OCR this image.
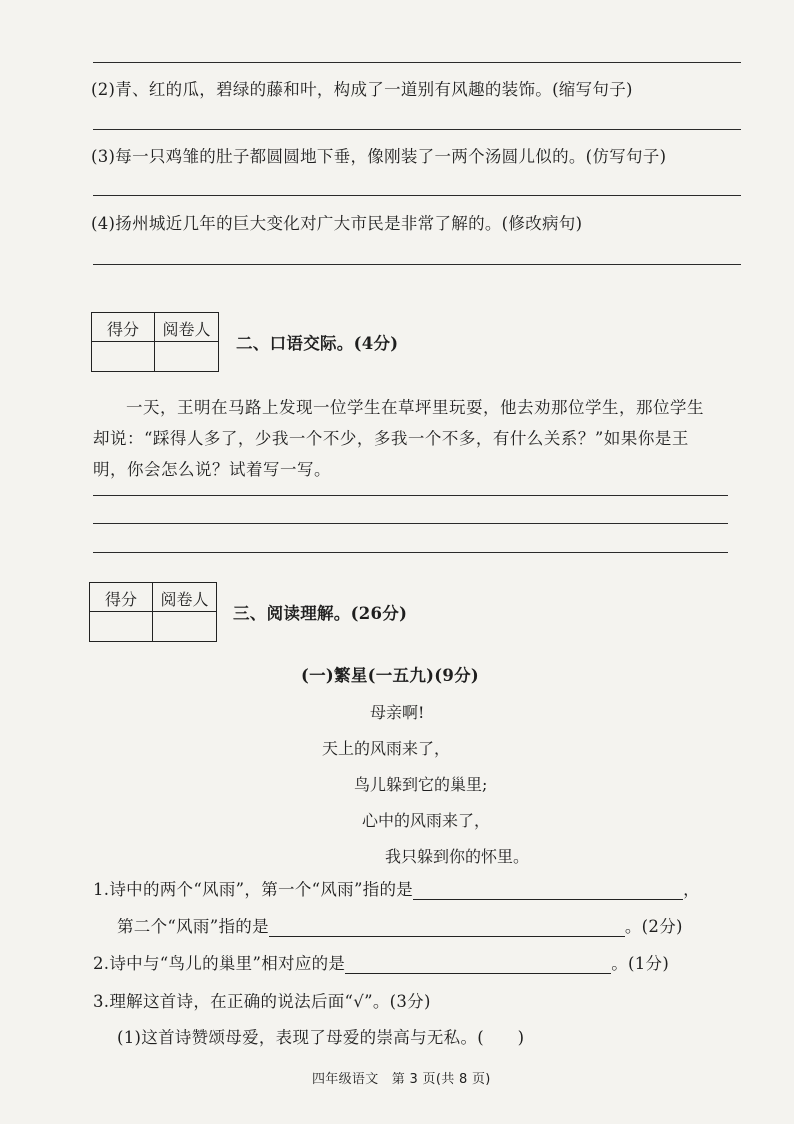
(2)青、红的瓜，碧绿的藤和叶，构成了一道别有风趣的装饰。(缩写句子)
(3)每一只鸡雏的肚子都圆圆地下垂，像刚装了一两个汤圆儿似的。(仿写句子)
(4)扬州城近几年的巨大变化对广大市民是非常了解的。(修改病句)
得分	阅卷人
二、口语交际。(4分)
一天，王明在马路上发现一位学生在草坪里玩耍，他去劝那位学生，那位学生却说：“踩得人多了，少我一个不少，多我一个不多，有什么关系？”如果你是王明，你会怎么说？试着写一写。
得分	阅卷人
三、阅读理解。(26分)
(一)繁星(一五九)(9分)
母亲啊!
天上的风雨来了，
鸟儿躲到它的巢里;
心中的风雨来了，
我只躲到你的怀里。
1.诗中的两个“风雨”，第一个“风雨”指的是	，
第二个“风雨”指的是	。(2分)
2.诗中与“鸟儿的巢里”相对应的是	。(1分)
3.理解这首诗，在正确的说法后面“√”。(3分)
(1)这首诗赞颂母爱，表现了母爱的崇高与无私。(　　)
四年级语文　第 3 页(共 8 页)
